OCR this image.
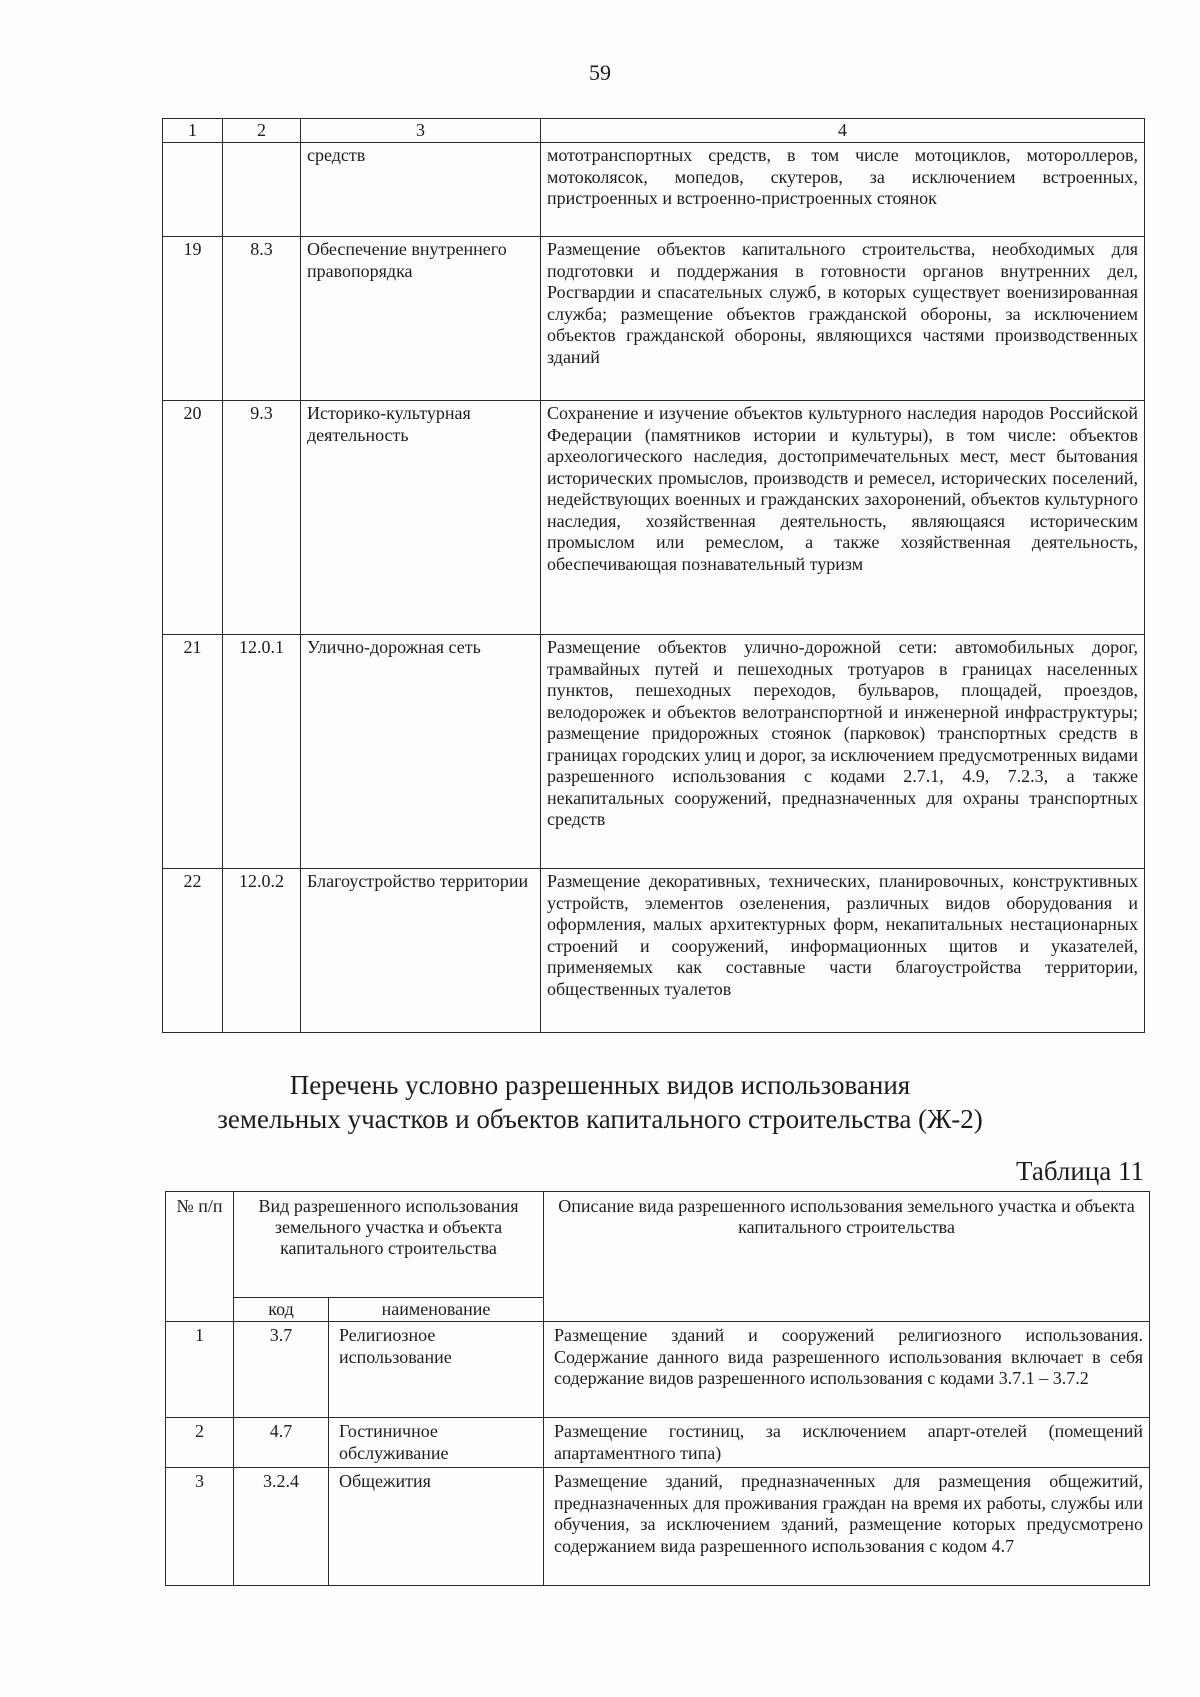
59
1	2	3	4
		средств	мототранспортных средств, в том числе мотоциклов, мотороллеров, мотоколясок, мопедов, скутеров, за исключением встроенных, пристроенных и встроенно-пристроенных стоянок
19	8.3	Обеспечение внутреннего правопорядка	Размещение объектов капитального строительства, необходимых для подготовки и поддержания в готовности органов внутренних дел, Росгвардии и спасательных служб, в которых существует военизированная служба; размещение объектов гражданской обороны, за исключением объектов гражданской обороны, являющихся частями производственных зданий
20	9.3	Историко-культурная деятельность	Сохранение и изучение объектов культурного наследия народов Российской Федерации (памятников истории и культуры), в том числе: объектов археологического наследия, достопримечательных мест, мест бытования исторических промыслов, производств и ремесел, исторических поселений, недействующих военных и гражданских захоронений, объектов культурного наследия, хозяйственная деятельность, являющаяся историческим промыслом или ремеслом, а также хозяйственная деятельность, обеспечивающая познавательный туризм
21	12.0.1	Улично-дорожная сеть	Размещение объектов улично-дорожной сети: автомобильных дорог, трамвайных путей и пешеходных тротуаров в границах населенных пунктов, пешеходных переходов, бульваров, площадей, проездов, велодорожек и объектов велотранспортной и инженерной инфраструктуры; размещение придорожных стоянок (парковок) транспортных средств в границах городских улиц и дорог, за исключением предусмотренных видами разрешенного использования с кодами 2.7.1, 4.9, 7.2.3, а также некапитальных сооружений, предназначенных для охраны транспортных средств
22	12.0.2	Благоустройство территории	Размещение декоративных, технических, планировочных, конструктивных устройств, элементов озеленения, различных видов оборудования и оформления, малых архитектурных форм, некапитальных нестационарных строений и сооружений, информационных щитов и указателей, применяемых как составные части благоустройства территории, общественных туалетов
Перечень условно разрешенных видов использования
земельных участков и объектов капитального строительства (Ж-2)
Таблица 11
№ п/п	Вид разрешенного использования земельного участка и объекта капитального строительства		Описание вида разрешенного использования земельного участка и объекта капитального строительства
	код	наименование	
1	3.7	Религиозное использование	Размещение зданий и сооружений религиозного использования. Содержание данного вида разрешенного использования включает в себя содержание видов разрешенного использования с кодами 3.7.1 – 3.7.2
2	4.7	Гостиничное обслуживание	Размещение гостиниц, за исключением апарт-отелей (помещений апартаментного типа)
3	3.2.4	Общежития	Размещение зданий, предназначенных для размещения общежитий, предназначенных для проживания граждан на время их работы, службы или обучения, за исключением зданий, размещение которых предусмотрено содержанием вида разрешенного использования с кодом 4.7
